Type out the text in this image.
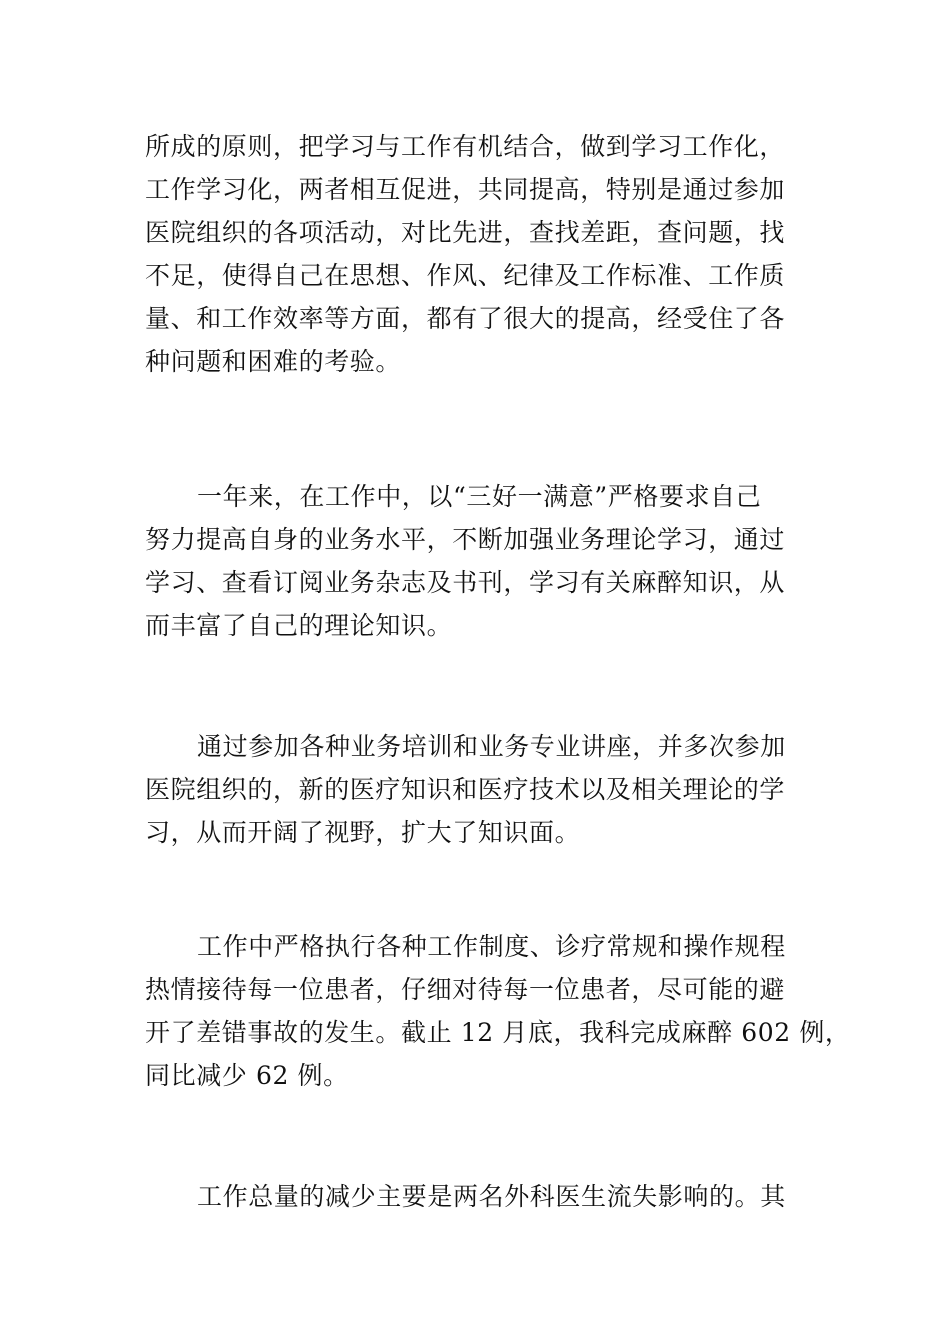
所成的原则，把学习与工作有机结合，做到学习工作化，
工作学习化，两者相互促进，共同提高，特别是通过参加
医院组织的各项活动，对比先进，查找差距，查问题，找
不足，使得自己在思想、作风、纪律及工作标准、工作质
量、和工作效率等方面，都有了很大的提高，经受住了各
种问题和困难的考验。
一年来，在工作中，以“三好一满意”严格要求自己
努力提高自身的业务水平，不断加强业务理论学习，通过
学习、查看订阅业务杂志及书刊，学习有关麻醉知识，从
而丰富了自己的理论知识。
通过参加各种业务培训和业务专业讲座，并多次参加
医院组织的，新的医疗知识和医疗技术以及相关理论的学
习，从而开阔了视野，扩大了知识面。
工作中严格执行各种工作制度、诊疗常规和操作规程
热情接待每一位患者，仔细对待每一位患者，尽可能的避
开了差错事故的发生。截止 12 月底，我科完成麻醉 602 例，
同比减少 62 例。
工作总量的减少主要是两名外科医生流失影响的。其
